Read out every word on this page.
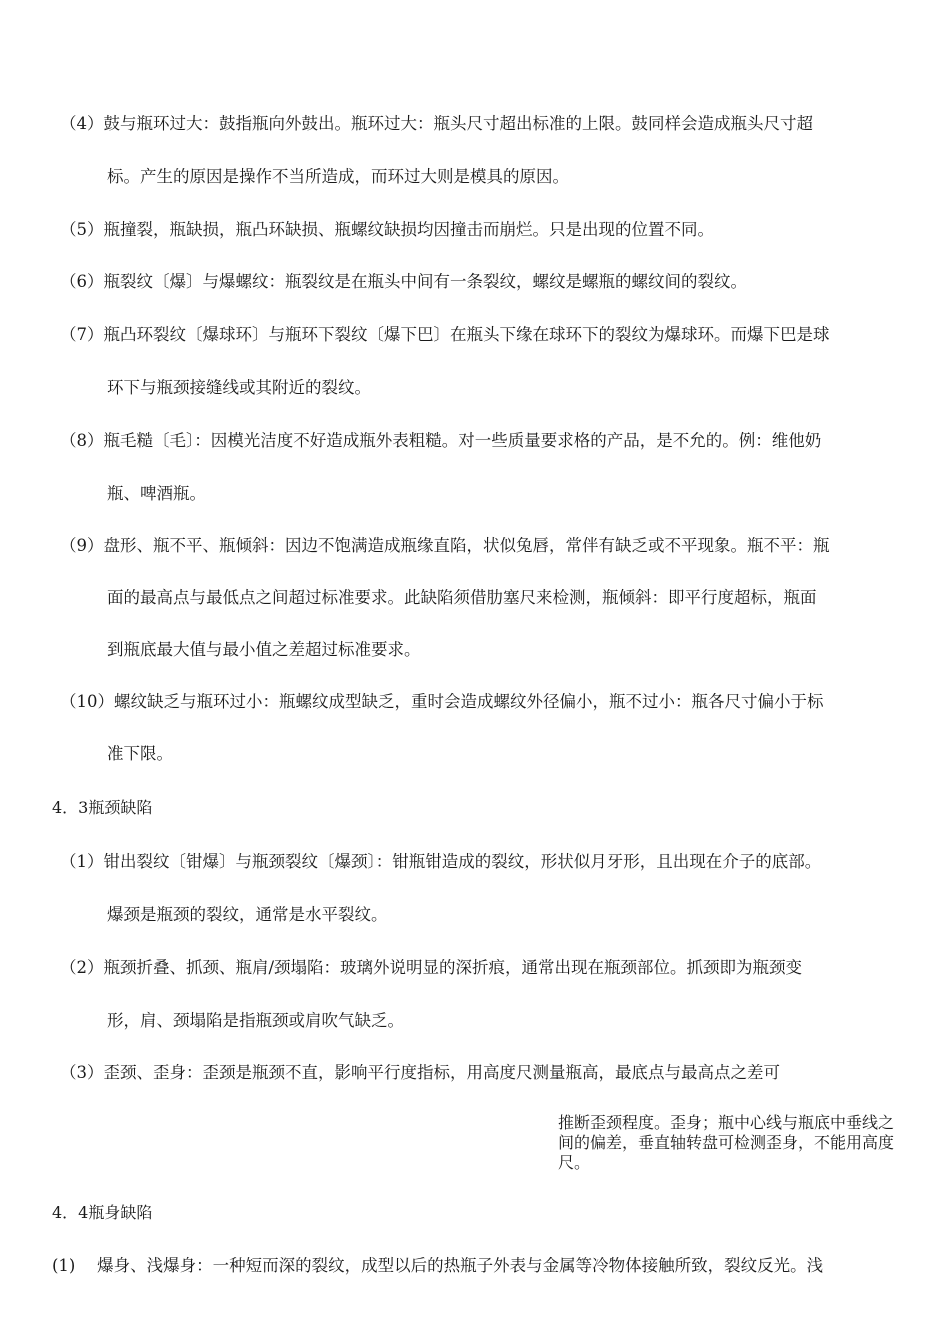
（4）鼓与瓶环过大：鼓指瓶向外鼓出。瓶环过大：瓶头尺寸超出标准的上限。鼓同样会造成瓶头尺寸超
标。产生的原因是操作不当所造成，而环过大则是模具的原因。
（5）瓶撞裂，瓶缺损，瓶凸环缺损、瓶螺纹缺损均因撞击而崩烂。只是出现的位置不同。
（6）瓶裂纹〔爆〕与爆螺纹：瓶裂纹是在瓶头中间有一条裂纹，螺纹是螺瓶的螺纹间的裂纹。
（7）瓶凸环裂纹〔爆球环〕与瓶环下裂纹〔爆下巴〕在瓶头下缘在球环下的裂纹为爆球环。而爆下巴是球
环下与瓶颈接缝线或其附近的裂纹。
（8）瓶毛糙〔毛〕：因模光洁度不好造成瓶外表粗糙。对一些质量要求格的产品，是不允的。例：维他奶
瓶、啤酒瓶。
（9）盘形、瓶不平、瓶倾斜：因边不饱满造成瓶缘直陷，状似兔唇，常伴有缺乏或不平现象。瓶不平：瓶
面的最高点与最低点之间超过标准要求。此缺陷须借肋塞尺来检测，瓶倾斜：即平行度超标，瓶面
到瓶底最大值与最小值之差超过标准要求。
（10）螺纹缺乏与瓶环过小：瓶螺纹成型缺乏，重时会造成螺纹外径偏小，瓶不过小：瓶各尺寸偏小于标
准下限。
4．3瓶颈缺陷
（1）钳出裂纹〔钳爆〕与瓶颈裂纹〔爆颈〕：钳瓶钳造成的裂纹，形状似月牙形，且出现在介子的底部。
爆颈是瓶颈的裂纹，通常是水平裂纹。
（2）瓶颈折叠、抓颈、瓶肩/颈塌陷：玻璃外说明显的深折痕，通常出现在瓶颈部位。抓颈即为瓶颈变
形，肩、颈塌陷是指瓶颈或肩吹气缺乏。
（3）歪颈、歪身：歪颈是瓶颈不直，影响平行度指标，用高度尺测量瓶高，最底点与最高点之差可
推断歪颈程度。歪身；瓶中心线与瓶底中垂线之间的偏差，垂直轴转盘可检测歪身，不能用高度尺。
4．4瓶身缺陷
(1)　 爆身、浅爆身：一种短而深的裂纹，成型以后的热瓶子外表与金属等冷物体接触所致，裂纹反光。浅
